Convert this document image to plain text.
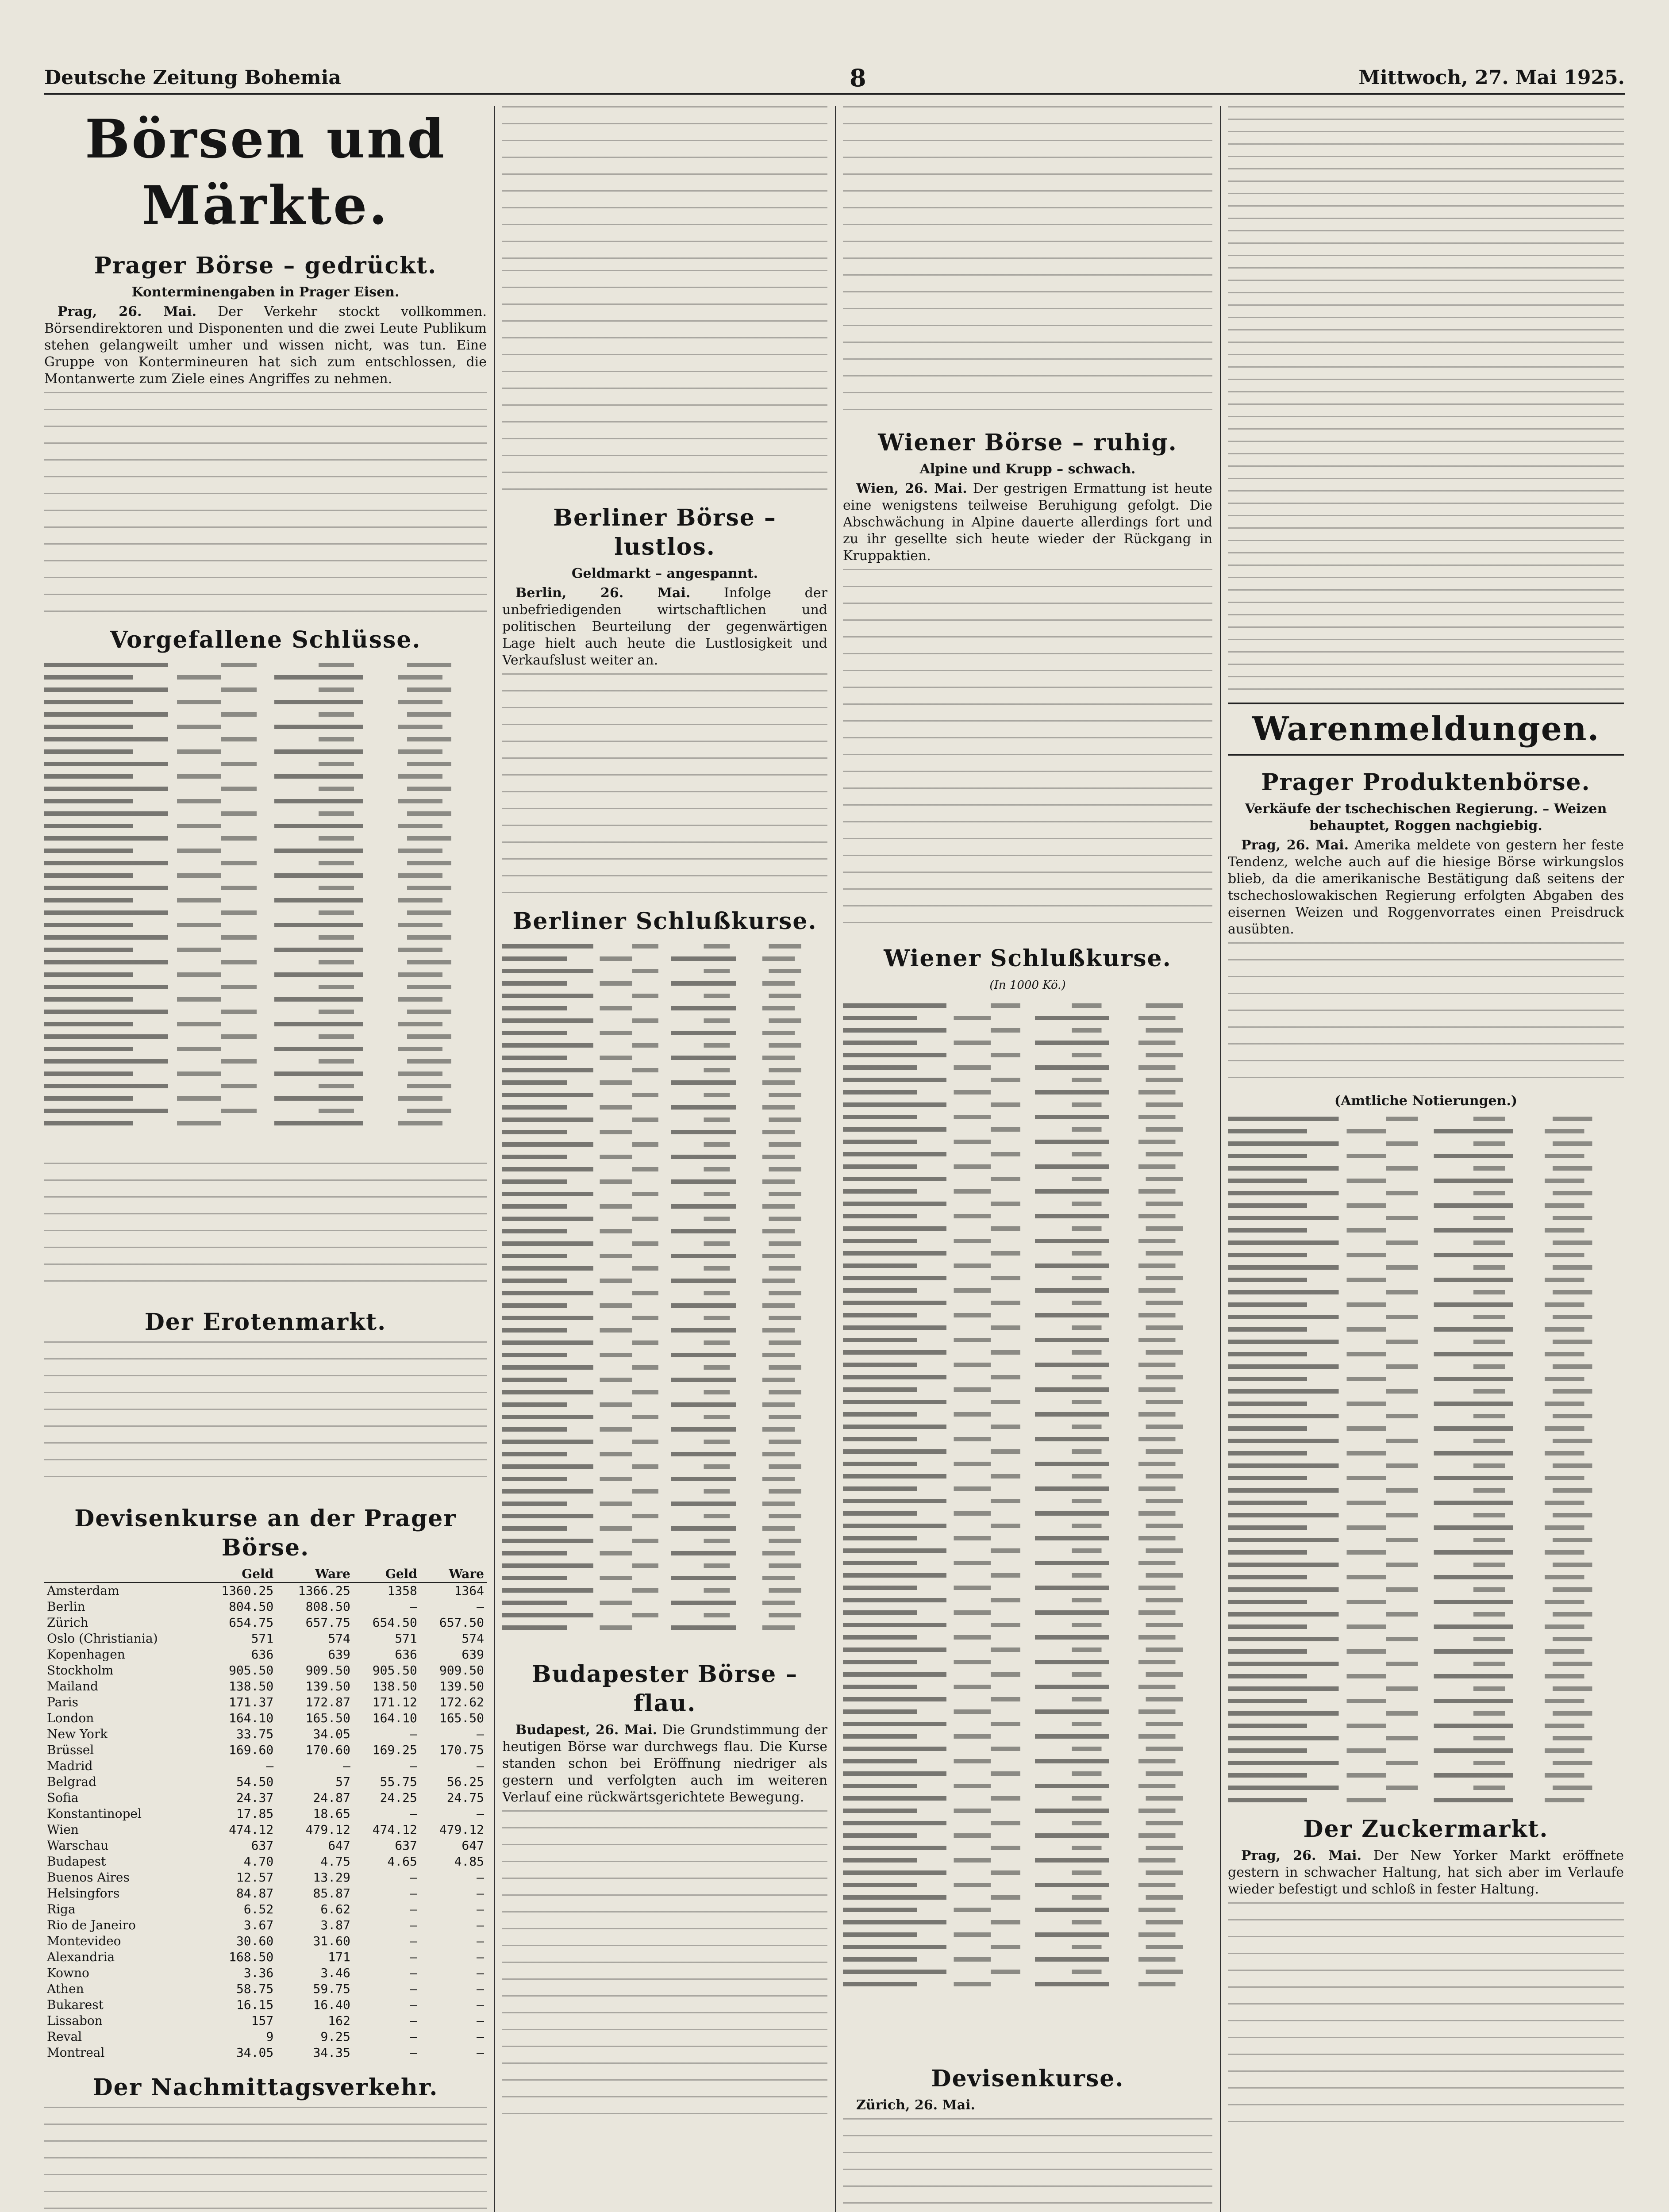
Deutsche Zeitung Bohemia	8	Mittwoch, 27. Mai 1925.
Börsen und Märkte.
Prager Börse – gedrückt.
Konterminengaben in Prager Eisen.

Prag, 26. Mai. Der Verkehr stockt vollkommen. Börsendirektoren und Disponenten und die zwei Leute Publikum stehen gelangweilt umher und wissen nicht, was tun. Eine Gruppe von Kontermineuren hat sich zum entschlossen, die Montanwerte zum Ziele eines Angriffes zu nehmen.

Vorgefallene Schlüsse.
Der Erotenmarkt.
Devisenkurse an der Prager Börse.
	Geld	Ware	Geld	Ware
Amsterdam	1360.25	1366.25	1358	1364
Berlin	804.50	808.50	—	—
Zürich	654.75	657.75	654.50	657.50
Oslo (Christiania)	571	574	571	574
Kopenhagen	636	639	636	639
Stockholm	905.50	909.50	905.50	909.50
Mailand	138.50	139.50	138.50	139.50
Paris	171.37	172.87	171.12	172.62
London	164.10	165.50	164.10	165.50
New York	33.75	34.05	—	—
Brüssel	169.60	170.60	169.25	170.75
Madrid	—	—	—	—
Belgrad	54.50	57	55.75	56.25
Sofia	24.37	24.87	24.25	24.75
Konstantinopel	17.85	18.65	—	—
Wien	474.12	479.12	474.12	479.12
Warschau	637	647	637	647
Budapest	4.70	4.75	4.65	4.85
Buenos Aires	12.57	13.29	—	—
Helsingfors	84.87	85.87	—	—
Riga	6.52	6.62	—	—
Rio de Janeiro	3.67	3.87	—	—
Montevideo	30.60	31.60	—	—
Alexandria	168.50	171	—	—
Kowno	3.36	3.46	—	—
Athen	58.75	59.75	—	—
Bukarest	16.15	16.40	—	—
Lissabon	157	162	—	—
Reval	9	9.25	—	—
Montreal	34.05	34.35	—	—
Der Nachmittagsverkehr.
Berliner Börse – lustlos.
Geldmarkt – angespannt.

Berlin, 26. Mai.	Infolge der unbefriedigenden wirtschaftlichen und politischen Beurteilung der gegenwärtigen Lage hielt auch heute die Lustlosigkeit und Verkaufslust weiter an.

Berliner Schlußkurse.
Budapester Börse – flau.

Budapest, 26. Mai. Die Grundstimmung der heutigen Börse war durchwegs flau. Die Kurse standen schon bei Eröffnung niedriger als gestern und verfolgten auch im weiteren Verlauf eine rückwärtsgerichtete Bewegung.

Wiener Börse – ruhig.
Alpine und Krupp – schwach.

Wien, 26. Mai. Der gestrigen Ermattung ist heute eine wenigstens teilweise Beruhigung gefolgt. Die Abschwächung in Alpine dauerte allerdings fort und zu ihr gesellte sich heute wieder der Rückgang in Kruppaktien.

Wiener Schlußkurse.
(In 1000 Kö.)
Devisenkurse.

Zürich, 26. Mai.

Warenmeldungen.
Prager Produktenbörse.
Verkäufe der tschechischen Regierung. – Weizen behauptet, Roggen nachgiebig.

Prag, 26. Mai. Amerika meldete von gestern her feste Tendenz, welche auch auf die hiesige Börse wirkungslos blieb, da die amerikanische Bestätigung daß seitens der tschechoslowakischen Regierung erfolgten Abgaben des eisernen Weizen und Roggenvorrates einen Preisdruck ausübten.

(Amtliche Notierungen.)
Der Zuckermarkt.

Prag, 26. Mai. Der New Yorker Markt eröffnete gestern in schwacher Haltung, hat sich aber im Verlaufe wieder befestigt und schloß in fester Haltung.
